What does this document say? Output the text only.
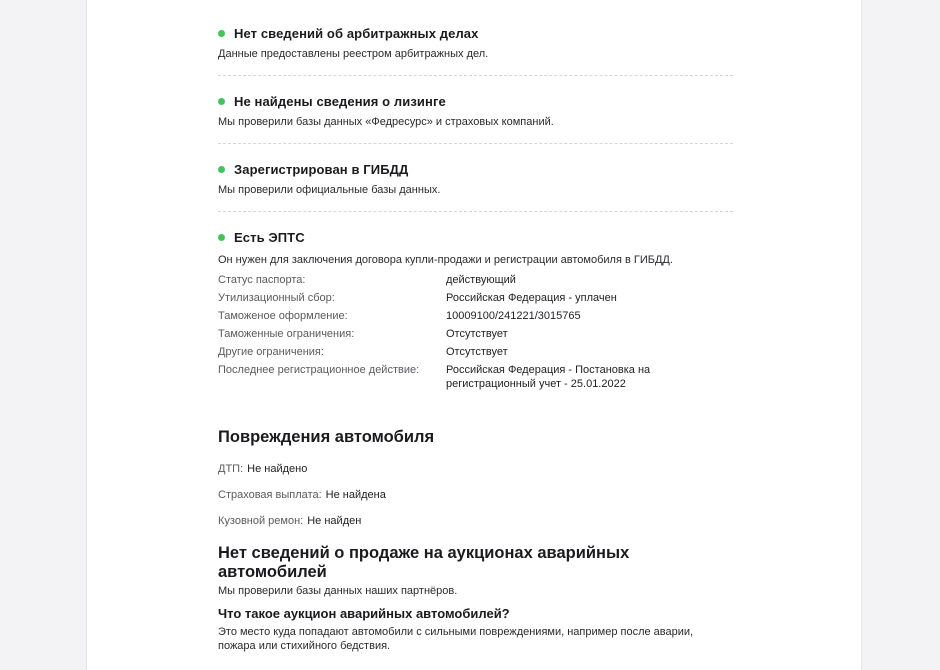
Нет сведений об арбитражных делах
Данные предоставлены реестром арбитражных дел.
Не найдены сведения о лизинге
Мы проверили базы данных «Федресурс» и страховых компаний.
Зарегистрирован в ГИБДД
Мы проверили официальные базы данных.
Есть ЭПТС
Он нужен для заключения договора купли-продажи и регистрации автомобиля в ГИБДД.
Статус паспорта:	действующий
Утилизационный сбор:	Российская Федерация - уплачен
Таможеное оформление:	10009100/241221/3015765
Таможенные ограничения:	Отсутствует
Другие ограничения:	Отсутствует
Последнее регистрационное действие:	Российская Федерация - Постановка на регистрационный учет - 25.01.2022
Повреждения автомобиля
ДТП: Не найдено
Страховая выплата: Не найдена
Кузовной ремон: Не найден
Нет сведений о продаже на аукционах аварийных автомобилей
Мы проверили базы данных наших партнёров.
Что такое аукцион аварийных автомобилей?
Это место куда попадают автомобили с сильными повреждениями, например после аварии, пожара или стихийного бедствия.
